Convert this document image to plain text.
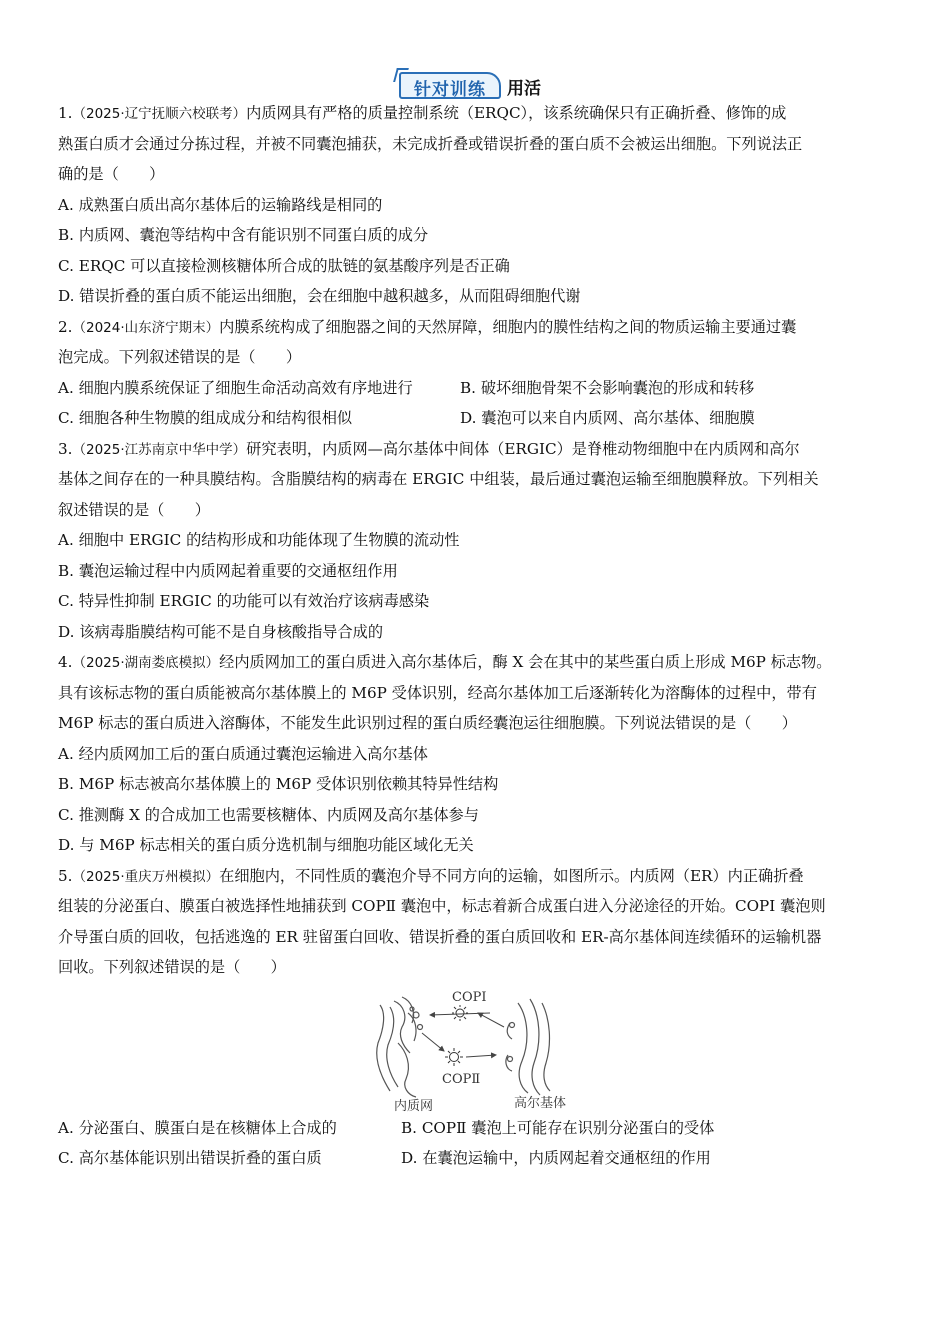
针对训练	用活
1.（2025·辽宁抚顺六校联考）内质网具有严格的质量控制系统（ERQC），该系统确保只有正确折叠、修饰的成
熟蛋白质才会通过分拣过程，并被不同囊泡捕获，未完成折叠或错误折叠的蛋白质不会被运出细胞。下列说法正
确的是（　　）
A. 成熟蛋白质出高尔基体后的运输路线是相同的
B. 内质网、囊泡等结构中含有能识别不同蛋白质的成分
C. ERQC 可以直接检测核糖体所合成的肽链的氨基酸序列是否正确
D. 错误折叠的蛋白质不能运出细胞，会在细胞中越积越多，从而阻碍细胞代谢
2.（2024·山东济宁期末）内膜系统构成了细胞器之间的天然屏障，细胞内的膜性结构之间的物质运输主要通过囊
泡完成。下列叙述错误的是（　　）
A. 细胞内膜系统保证了细胞生命活动高效有序地进行	B. 破坏细胞骨架不会影响囊泡的形成和转移
C. 细胞各种生物膜的组成成分和结构很相似	D. 囊泡可以来自内质网、高尔基体、细胞膜
3.（2025·江苏南京中华中学）研究表明，内质网—高尔基体中间体（ERGIC）是脊椎动物细胞中在内质网和高尔
基体之间存在的一种具膜结构。含脂膜结构的病毒在 ERGIC 中组装，最后通过囊泡运输至细胞膜释放。下列相关
叙述错误的是（　　）
A. 细胞中 ERGIC 的结构形成和功能体现了生物膜的流动性
B. 囊泡运输过程中内质网起着重要的交通枢纽作用
C. 特异性抑制 ERGIC 的功能可以有效治疗该病毒感染
D. 该病毒脂膜结构可能不是自身核酸指导合成的
4.（2025·湖南娄底模拟）经内质网加工的蛋白质进入高尔基体后，酶 X 会在其中的某些蛋白质上形成 M6P 标志物。
具有该标志物的蛋白质能被高尔基体膜上的 M6P 受体识别，经高尔基体加工后逐渐转化为溶酶体的过程中，带有
M6P 标志的蛋白质进入溶酶体，不能发生此识别过程的蛋白质经囊泡运往细胞膜。下列说法错误的是（　　）
A. 经内质网加工后的蛋白质通过囊泡运输进入高尔基体
B. M6P 标志被高尔基体膜上的 M6P 受体识别依赖其特异性结构
C. 推测酶 X 的合成加工也需要核糖体、内质网及高尔基体参与
D. 与 M6P 标志相关的蛋白质分选机制与细胞功能区域化无关
5.（2025·重庆万州模拟）在细胞内，不同性质的囊泡介导不同方向的运输，如图所示。内质网（ER）内正确折叠
组装的分泌蛋白、膜蛋白被选择性地捕获到 COPⅡ 囊泡中，标志着新合成蛋白进入分泌途径的开始。COPI 囊泡则
介导蛋白质的回收，包括逃逸的 ER 驻留蛋白回收、错误折叠的蛋白质回收和 ER-高尔基体间连续循环的运输机器
回收。下列叙述错误的是（　　）
COPⅠ
COPⅡ
内质网	高尔基体
A. 分泌蛋白、膜蛋白是在核糖体上合成的	B. COPⅡ 囊泡上可能存在识别分泌蛋白的受体
C. 高尔基体能识别出错误折叠的蛋白质	D. 在囊泡运输中，内质网起着交通枢纽的作用
